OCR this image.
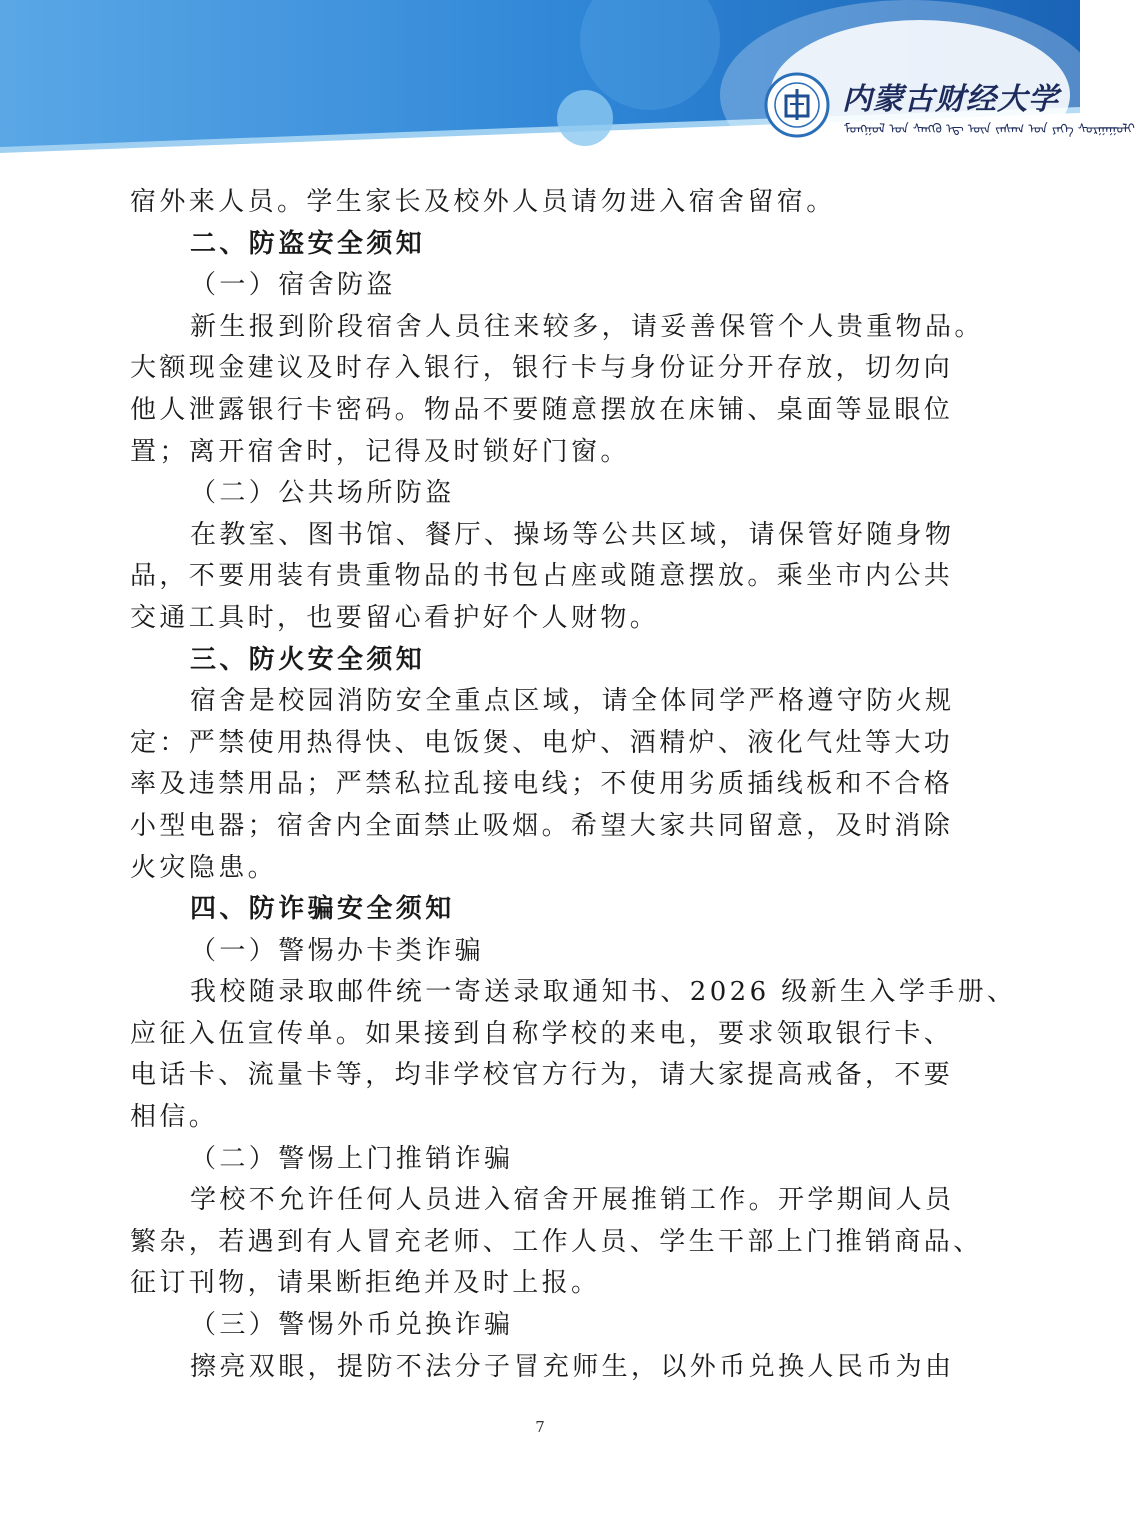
内蒙古财经大学
ᠮᠣᠩᠭᠣᠯ ᠤᠨ ᠰᠠᠩᠬᠦ ᠡᠳ᠋ ᠦᠨ ᠵᠠᠰᠠᠭ ᠤᠨ ᠶᠡᠬᠡ ᠰᠤᠷᠭᠠᠭᠤᠯᠢ
宿外来人员。学生家长及校外人员请勿进入宿舍留宿。
二、防盗安全须知
（一）宿舍防盗
新生报到阶段宿舍人员往来较多，请妥善保管个人贵重物品。
大额现金建议及时存入银行，银行卡与身份证分开存放，切勿向
他人泄露银行卡密码。物品不要随意摆放在床铺、桌面等显眼位
置；离开宿舍时，记得及时锁好门窗。
（二）公共场所防盗
在教室、图书馆、餐厅、操场等公共区域，请保管好随身物
品，不要用装有贵重物品的书包占座或随意摆放。乘坐市内公共
交通工具时，也要留心看护好个人财物。
三、防火安全须知
宿舍是校园消防安全重点区域，请全体同学严格遵守防火规
定：严禁使用热得快、电饭煲、电炉、酒精炉、液化气灶等大功
率及违禁用品；严禁私拉乱接电线；不使用劣质插线板和不合格
小型电器；宿舍内全面禁止吸烟。希望大家共同留意，及时消除
火灾隐患。
四、防诈骗安全须知
（一）警惕办卡类诈骗
我校随录取邮件统一寄送录取通知书、2026 级新生入学手册、
应征入伍宣传单。如果接到自称学校的来电，要求领取银行卡、
电话卡、流量卡等，均非学校官方行为，请大家提高戒备，不要
相信。
（二）警惕上门推销诈骗
学校不允许任何人员进入宿舍开展推销工作。开学期间人员
繁杂，若遇到有人冒充老师、工作人员、学生干部上门推销商品、
征订刊物，请果断拒绝并及时上报。
（三）警惕外币兑换诈骗
擦亮双眼，提防不法分子冒充师生，以外币兑换人民币为由
7
